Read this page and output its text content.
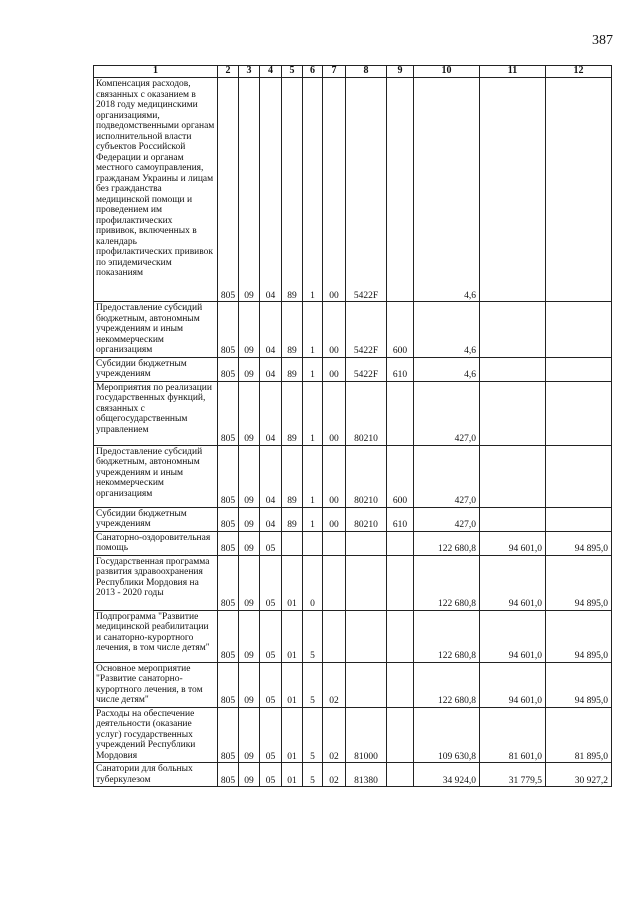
387
1	2	3	4	5	6	7	8	9	10	11	12
Компенсация расходов, связанных с оказанием в 2018 году медицинскими организациями, подведомственными органам исполнительной власти субъектов Российской Федерации и органам местного самоуправления, гражданам Украины и лицам без гражданства медицинской помощи и проведением им профилактических прививок, включенных в календарь профилактических прививок по эпидемическим показаниям	805	09	04	89	1	00	5422F		4,6		
Предоставление субсидий бюджетным, автономным учреждениям и иным некоммерческим организациям	805	09	04	89	1	00	5422F	600	4,6		
Субсидии бюджетным учреждениям	805	09	04	89	1	00	5422F	610	4,6		
Мероприятия по реализации государственных функций, связанных с общегосударственным управлением	805	09	04	89	1	00	80210		427,0		
Предоставление субсидий бюджетным, автономным учреждениям и иным некоммерческим организациям	805	09	04	89	1	00	80210	600	427,0		
Субсидии бюджетным учреждениям	805	09	04	89	1	00	80210	610	427,0		
Санаторно-оздоровительная помощь	805	09	05						122 680,8	94 601,0	94 895,0
Государственная программа развития здравоохранения Республики Мордовия на 2013 - 2020 годы	805	09	05	01	0				122 680,8	94 601,0	94 895,0
Подпрограмма "Развитие медицинской реабилитации и санаторно-курортного лечения, в том числе детям"	805	09	05	01	5				122 680,8	94 601,0	94 895,0
Основное мероприятие "Развитие санаторно-курортного лечения, в том числе детям"	805	09	05	01	5	02			122 680,8	94 601,0	94 895,0
Расходы на обеспечение деятельности (оказание услуг) государственных учреждений Республики Мордовия	805	09	05	01	5	02	81000		109 630,8	81 601,0	81 895,0
Санатории для больных туберкулезом	805	09	05	01	5	02	81380		34 924,0	31 779,5	30 927,2
